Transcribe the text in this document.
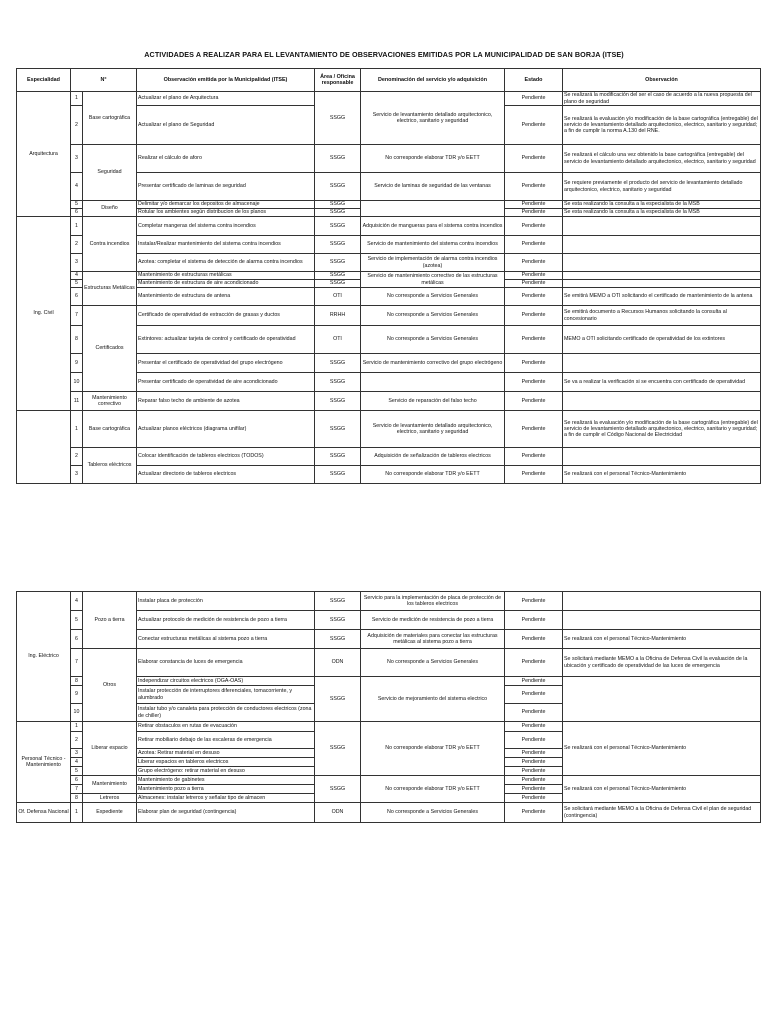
ACTIVIDADES A REALIZAR PARA EL LEVANTAMIENTO DE OBSERVACIONES EMITIDAS POR LA MUNICIPALIDAD DE SAN BORJA (ITSE)
Especialidad	N°		Observación emitida por la Municipalidad (ITSE)	Área / Oficina responsable	Denominación del servicio y/o adquisición	Estado	Observación
Arquitectura	1	Base cartográfica	Actualizar el plano de Arquitectura	SSGG	Servicio de levantamiento detallado arquitectonico, electrico, sanitario y seguridad	Pendiente	Se realizará la modificación del ser el caso de acuerdo a la nueva propuesta del plano de seguridad
	2		Actualizar el plano de Seguridad			Pendiente	Se realizará la evaluación y/o modificación de la base cartográfica (entregable) del servicio de levantamiento detallado arquitectonico, electrico, sanitario y seguridad; a fin de cumplir la norma A.130 del RNE.
	3	Seguridad	Realizar el cálculo de aforo	SSGG	No corresponde elaborar TDR y/o EETT	Pendiente	Se realizará el cálculo una vez obtenido la base cartográfica (entregable) del servicio de levantamiento detallado arquitectonico, electrico, sanitario y seguridad
	4		Presentar certificado de laminas de seguridad	SSGG	Servicio de laminas de seguridad de las ventanas	Pendiente	Se requiere previamente el producto del servicio de levantamiento detallado arquitectonico, electrico, sanitario y seguridad
	5	Diseño	Delimitar y/o demarcar los depositos de almacenaje	SSGG		Pendiente	Se esta realizando la consulta a la especialista de la MSB
	6		Rotular los ambientes según distribucion de los planos	SSGG		Pendiente	Se esta realizando la consulta a la especialista de la MSB
Ing. Civil	1	Contra incendios	Completar mangeras del sistema contra incendios	SSGG	Adquisición de mangueras para el sistema contra incendios	Pendiente	
	2		Instalar/Realizar mantenimiento del sistema contra incendios	SSGG	Servicio de mantenimiento del sistema contra incendios	Pendiente	
	3		Azotea: completar el sistema de detección de alarma contra incendios	SSGG	Servicio de implementación de alarma contra incendios (azotea)	Pendiente	
	4	Estructuras Metálicas	Mantenimiento de estructuras metálicas	SSGG	Servicio de mantenimiento correctivo de las estructuras metálicas	Pendiente	
	5		Mantenimiento de estructura de aire acondicionado	SSGG		Pendiente	
	6		Mantenimiento de estructura de antena	OTI	No corresponde a Servicios Generales	Pendiente	Se emitirá MEMO a OTI solicitando el certificado de mantenimiento de la antena
	7	Certificados	Certificado de operatividad de extracción de grasas y ductos	RRHH	No corresponde a Servicios Generales	Pendiente	Se emitirá documento a Recursos Humanos solicitando la consulta al concesionario
	8		Extintores: actualizar tarjeta de control y certificado de operatividad	OTI	No corresponde a Servicios Generales	Pendiente	MEMO a OTI solicitando certificado de operatividad de los extintores
	9		Presentar el certificado de operatividad del grupo electrógeno	SSGG	Servicio de mantenimiento correctivo del grupo electrógeno	Pendiente	
	10		Presentar certificado de operatividad de aire acondicionado	SSGG		Pendiente	Se va a realizar la verificación si se encuentra con certificado de operatividad
	11	Mantenimiento correctivo	Reparar falso techo de ambiente de azotea	SSGG	Servicio de reparación del falso techo	Pendiente	
	1	Base cartográfica	Actualizar planos eléctricos (diagrama unifilar)	SSGG	Servicio de levantamiento detallado arquitectonico, electrico, sanitario y seguridad	Pendiente	Se realizará la evaluación y/o modificación de la base cartográfica (entregable) del servicio de levantamiento detallado arquitectonico, electrico, sanitario y seguridad; a fin de cumplir el Código Nacional de Electricidad
	2	Tableros eléctricos	Colocar identificación de tableros electricos (TODOS)	SSGG	Adquisición de señalización de tableros electricos	Pendiente	
	3		Actualizar directorio de tableros electricos	SSGG	No corresponde elaborar TDR y/o EETT	Pendiente	Se realizará con el personal Técnico-Mantenimiento
Ing. Eléctrico	4	Pozo a tierra	Instalar placa de protección	SSGG	Servicio para la implementación de placa de protección de los tableros electricos	Pendiente	
	5		Actualizar protocolo de medición de resistencia de pozo a tierra	SSGG	Servicio de medición de resistencia de pozo a tierra	Pendiente	
	6		Conectar estructuras metálicas al sistema pozo a tierra	SSGG	Adquisición de materiales para conectar las estructuras metálicas al sistema pozo a tierra	Pendiente	Se realizará con el personal Técnico-Mantenimiento
	7	Otros	Elaborar constancia de luces de emergencia	ODN	No corresponde a Servicios Generales	Pendiente	Se solicitará mediante MEMO a la Oficina de Defensa Civil la evaluación de la ubicación y certificado de operatividad de las luces de emergencia
	8		Independizar circuitos electricos (OGA-OAS)	SSGG	Servicio de mejoramiento del sistema electrico	Pendiente	
	9		Instalar protección de interruptores diferenciales, tomacorriente, y alumbrado			Pendiente	
	10		Instalar tubo y/o canaleta para protección de conductores electricos (zona de chiller)			Pendiente	
Personal Técnico - Mantenimiento	1	Liberar espacio	Retirar obstaculos en rutas de evacuación	SSGG	No corresponde elaborar TDR y/o EETT	Pendiente	Se realizará con el personal Técnico-Mantenimiento
	2		Retirar mobiliario debajo de las escaleras de emergencia			Pendiente	
	3		Azotea: Retirar material en desuso			Pendiente	
	4		Liberar espacios en tableros electricos			Pendiente	
	5		Grupo electrógeno: retirar material en desuso			Pendiente	

	6	Mantenimiento	Mantenimiento de gabinetes	SSGG	No corresponde elaborar TDR y/o EETT	Pendiente	Se realizará con el personal Técnico-Mantenimiento
	7		Mantenimiento pozo a tierra			Pendiente	
	8	Letreros	Almacenes: instalar letreros y señalar tipo de almacen			Pendiente	
Of. Defensa Nacional	1	Expediente	Elaborar plan de seguridad (contingencia)	ODN	No corresponde a Servicios Generales	Pendiente	Se solicitará mediante MEMO a la Oficina de Defensa Civil el plan de seguridad (contingencia)
